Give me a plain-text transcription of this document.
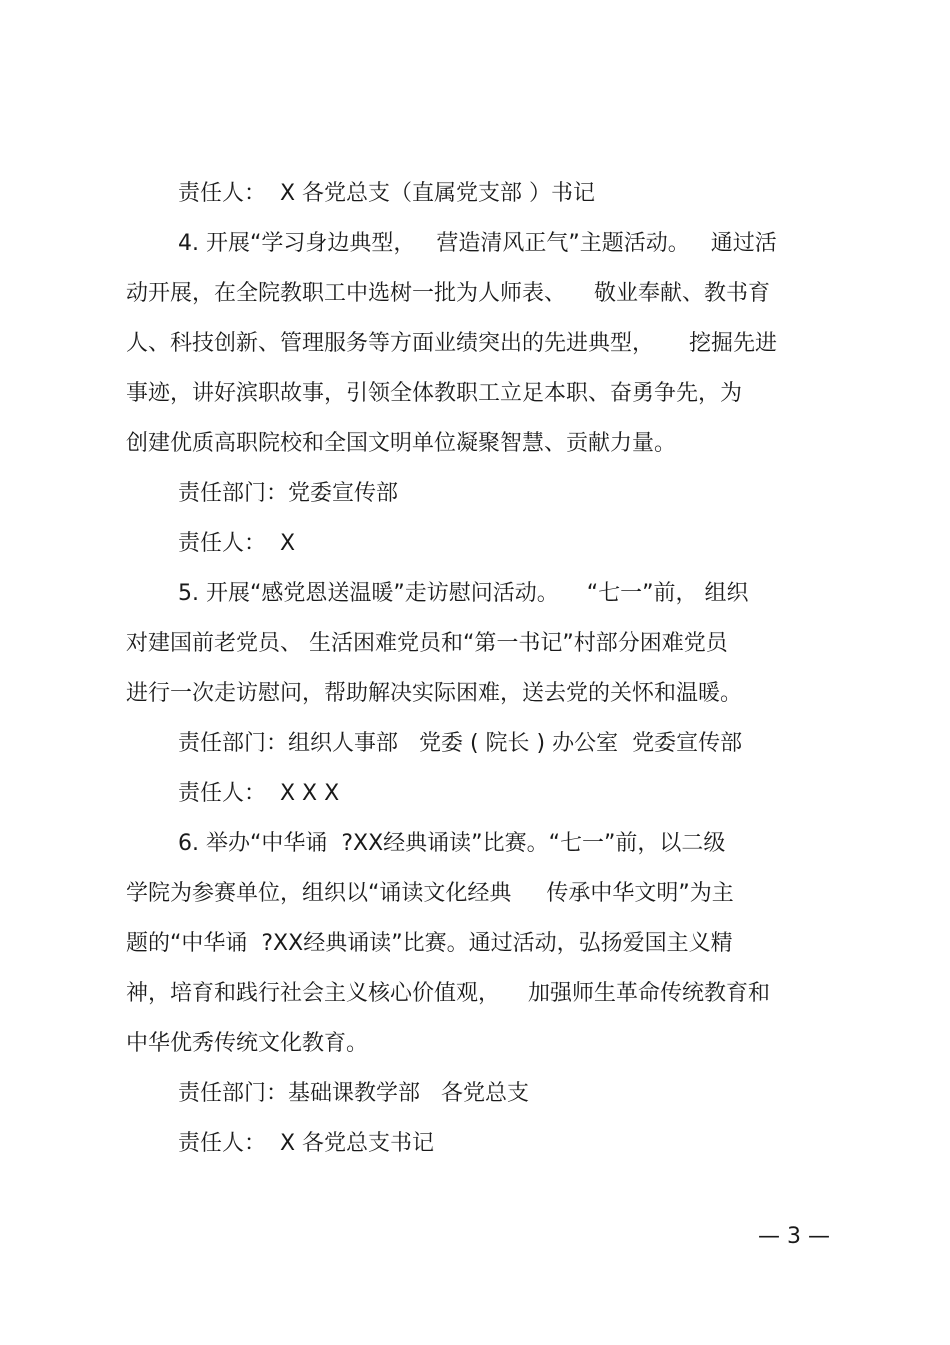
责任人：  X 各党总支（直属党支部 ）书记
4. 开展“学习身边典型，   营造清风正气”主题活动。   通过活
动开展，在全院教职工中选树一批为人师表、    敬业奉献、教书育
人、科技创新、管理服务等方面业绩突出的先进典型，     挖掘先进
事迹，讲好滨职故事，引领全体教职工立足本职、奋勇争先，为
创建优质高职院校和全国文明单位凝聚智慧、贡献力量。
责任部门：党委宣传部
责任人：  X
5. 开展“感党恩送温暖”走访慰问活动。    “七一”前， 组织
对建国前老党员、 生活困难党员和“第一书记”村部分困难党员
进行一次走访慰问，帮助解决实际困难，送去党的关怀和温暖。
责任部门：组织人事部   党委 ( 院长 ) 办公室  党委宣传部
责任人：  X X X
6. 举办“中华诵  ?XX经典诵读”比赛。“七一”前，以二级
学院为参赛单位，组织以“诵读文化经典     传承中华文明”为主
题的“中华诵  ?XX经典诵读”比赛。通过活动，弘扬爱国主义精
神，培育和践行社会主义核心价值观，    加强师生革命传统教育和
中华优秀传统文化教育。
责任部门：基础课教学部   各党总支
责任人：  X 各党总支书记
— 3 —
